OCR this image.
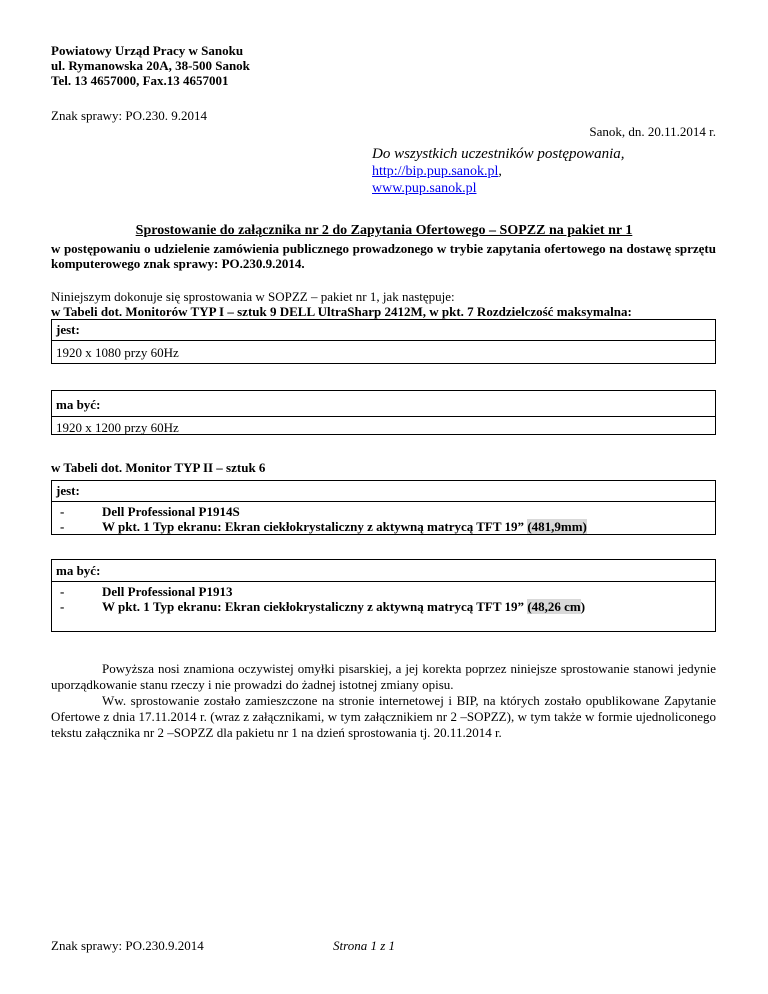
Powiatowy Urząd Pracy w Sanoku
ul. Rymanowska 20A, 38-500 Sanok
Tel. 13 4657000, Fax.13 4657001
Znak sprawy: PO.230. 9.2014
Sanok, dn. 20.11.2014 r.
Do wszystkich uczestników postępowania,
http://bip.pup.sanok.pl,
www.pup.sanok.pl
Sprostowanie do załącznika nr 2 do Zapytania Ofertowego – SOPZZ na pakiet nr 1
w postępowaniu o udzielenie zamówienia publicznego prowadzonego w trybie zapytania ofertowego na dostawę sprzętu komputerowego znak sprawy: PO.230.9.2014.
Niniejszym dokonuje się sprostowania w SOPZZ – pakiet nr 1, jak następuje:
w Tabeli dot. Monitorów TYP I – sztuk 9 DELL UltraSharp 2412M, w pkt. 7 Rozdzielczość maksymalna:
jest:
1920 x 1080 przy 60Hz
ma być:
1920 x 1200 przy 60Hz
w Tabeli dot. Monitor TYP II – sztuk 6
jest:
-	Dell Professional P1914S
-	W pkt. 1 Typ ekranu: Ekran ciekłokrystaliczny z aktywną matrycą TFT 19” (481,9mm)
ma być:
-	Dell Professional P1913
-	W pkt. 1 Typ ekranu: Ekran ciekłokrystaliczny z aktywną matrycą TFT 19” (48,26 cm)
Powyższa nosi znamiona oczywistej omyłki pisarskiej, a jej korekta poprzez niniejsze sprostowanie stanowi jedynie uporządkowanie stanu rzeczy i nie prowadzi do żadnej istotnej zmiany opisu.
Ww. sprostowanie zostało zamieszczone na stronie internetowej i BIP, na których zostało opublikowane Zapytanie Ofertowe z dnia 17.11.2014 r. (wraz z załącznikami, w tym załącznikiem nr 2 –SOPZZ), w tym także w formie ujednoliconego tekstu załącznika nr 2 –SOPZZ dla pakietu nr 1 na dzień sprostowania tj. 20.11.2014 r.
Znak sprawy: PO.230.9.2014	Strona 1 z 1
